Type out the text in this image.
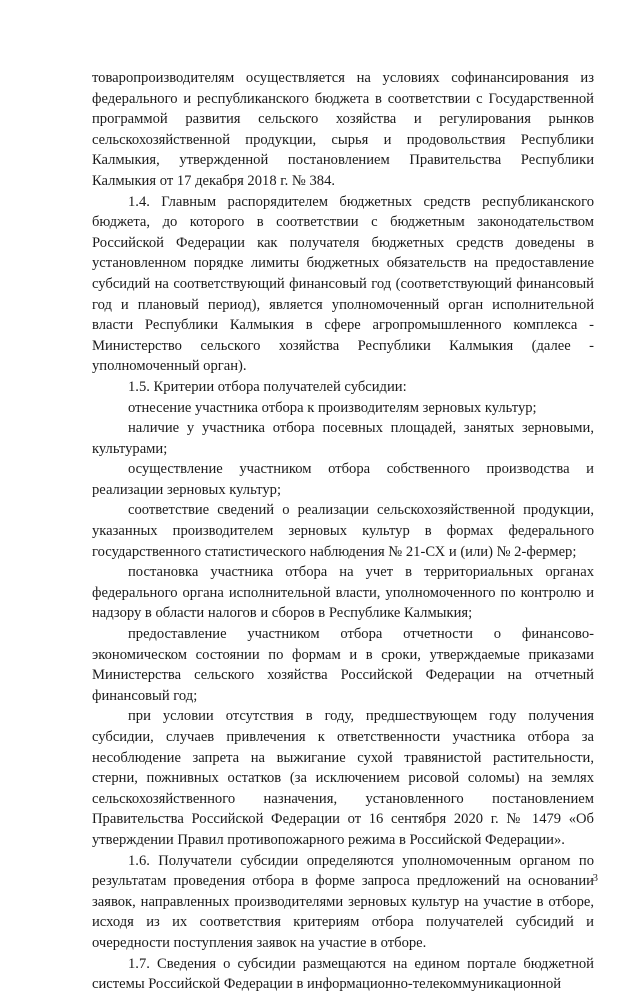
товаропроизводителям осуществляется на условиях софинансирования из федерального и республиканского бюджета в соответствии с Государственной программой развития сельского хозяйства и регулирования рынков сельскохозяйственной продукции, сырья и продовольствия Республики Калмыкия, утвержденной постановлением Правительства Республики Калмыкия от 17 декабря 2018 г. № 384.

1.4. Главным распорядителем бюджетных средств республиканского бюджета, до которого в соответствии с бюджетным законодательством Российской Федерации как получателя бюджетных средств доведены в установленном порядке лимиты бюджетных обязательств на предоставление субсидий на соответствующий финансовый год (соответствующий финансовый год и плановый период), является уполномоченный орган исполнительной власти Республики Калмыкия в сфере агропромышленного комплекса - Министерство сельского хозяйства Республики Калмыкия (далее - уполномоченный орган).

1.5. Критерии отбора получателей субсидии:

отнесение участника отбора к производителям зерновых культур;

наличие у участника отбора посевных площадей, занятых зерновыми, культурами;

осуществление участником отбора собственного производства и реализации зерновых культур;

соответствие сведений о реализации сельскохозяйственной продукции, указанных производителем зерновых культур в формах федерального государственного статистического наблюдения № 21-СХ и (или) № 2-фермер;

постановка участника отбора на учет в территориальных органах федерального органа исполнительной власти, уполномоченного по контролю и надзору в области налогов и сборов в Республике Калмыкия;

предоставление участником отбора отчетности о финансово-экономическом состоянии по формам и в сроки, утверждаемые приказами Министерства сельского хозяйства Российской Федерации на отчетный финансовый год;

при условии отсутствия в году, предшествующем году получения субсидии, случаев привлечения к ответственности участника отбора за несоблюдение запрета на выжигание сухой травянистой растительности, стерни, пожнивных остатков (за исключением рисовой соломы) на землях сельскохозяйственного назначения, установленного постановлением Правительства Российской Федерации от 16 сентября 2020 г. № 1479 «Об утверждении Правил противопожарного режима в Российской Федерации».

1.6. Получатели субсидии определяются уполномоченным органом по результатам проведения отбора в форме запроса предложений на основании заявок, направленных производителями зерновых культур на участие в отборе, исходя из их соответствия критериям отбора получателей субсидий и очередности поступления заявок на участие в отборе.

1.7. Сведения о субсидии размещаются на едином портале бюджетной системы Российской Федерации в информационно-телекоммуникационной

3
